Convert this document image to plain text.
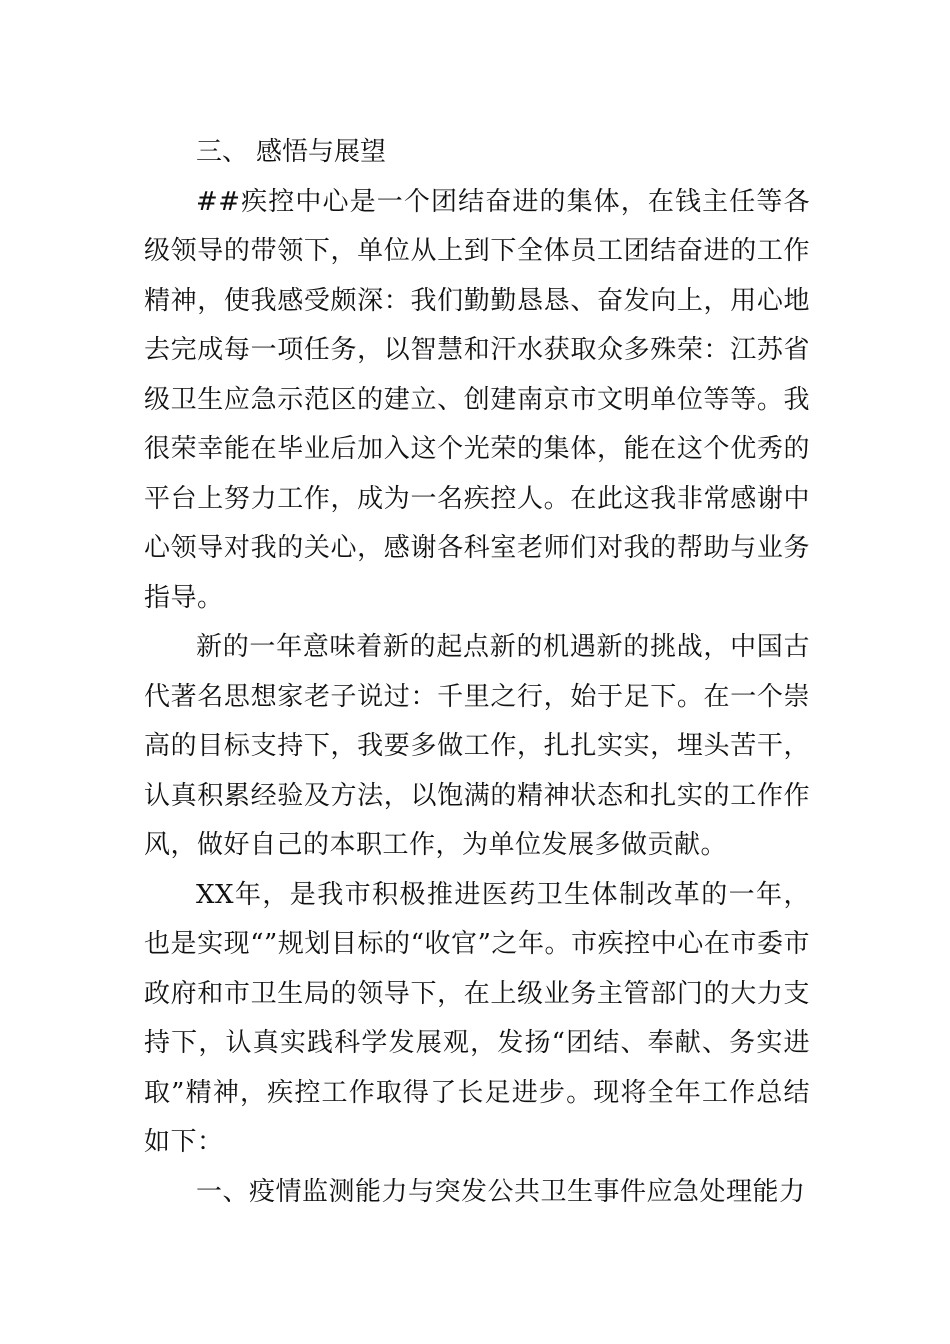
三、 感悟与展望

##疾控中心是一个团结奋进的集体，在钱主任等各级领导的带领下，单位从上到下全体员工团结奋进的工作精神，使我感受颇深：我们勤勤恳恳、奋发向上，用心地去完成每一项任务，以智慧和汗水获取众多殊荣：江苏省级卫生应急示范区的建立、创建南京市文明单位等等。我很荣幸能在毕业后加入这个光荣的集体，能在这个优秀的平台上努力工作，成为一名疾控人。在此这我非常感谢中心领导对我的关心，感谢各科室老师们对我的帮助与业务指导。

新的一年意味着新的起点新的机遇新的挑战，中国古代著名思想家老子说过：千里之行，始于足下。在一个崇高的目标支持下，我要多做工作，扎扎实实，埋头苦干，认真积累经验及方法，以饱满的精神状态和扎实的工作作风，做好自己的本职工作，为单位发展多做贡献。

XX年，是我市积极推进医药卫生体制改革的一年，也是实现“”规划目标的“收官”之年。市疾控中心在市委市政府和市卫生局的领导下，在上级业务主管部门的大力支持下，认真实践科学发展观，发扬“团结、奉献、务实进取”精神，疾控工作取得了长足进步。现将全年工作总结如下：

一、疫情监测能力与突发公共卫生事件应急处理能力
